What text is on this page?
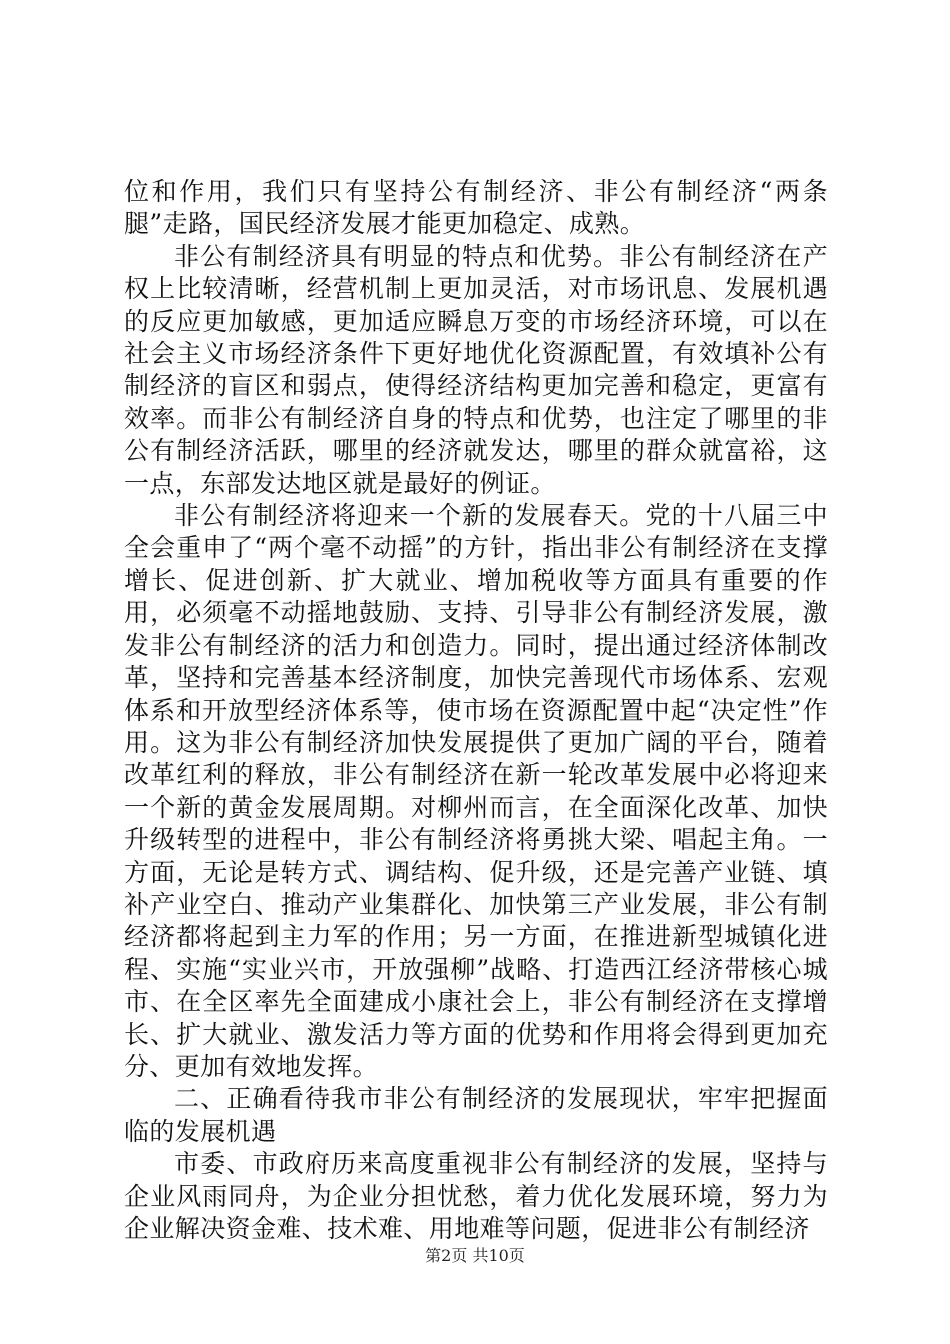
位和作用，我们只有坚持公有制经济、非公有制经济“两条腿”走路，国民经济发展才能更加稳定、成熟。

非公有制经济具有明显的特点和优势。非公有制经济在产权上比较清晰，经营机制上更加灵活，对市场讯息、发展机遇的反应更加敏感，更加适应瞬息万变的市场经济环境，可以在社会主义市场经济条件下更好地优化资源配置，有效填补公有制经济的盲区和弱点，使得经济结构更加完善和稳定，更富有效率。而非公有制经济自身的特点和优势，也注定了哪里的非公有制经济活跃，哪里的经济就发达，哪里的群众就富裕，这一点，东部发达地区就是最好的例证。

非公有制经济将迎来一个新的发展春天。党的十八届三中全会重申了“两个毫不动摇”的方针，指出非公有制经济在支撑增长、促进创新、扩大就业、增加税收等方面具有重要的作用，必须毫不动摇地鼓励、支持、引导非公有制经济发展，激发非公有制经济的活力和创造力。同时，提出通过经济体制改革，坚持和完善基本经济制度，加快完善现代市场体系、宏观体系和开放型经济体系等，使市场在资源配置中起“决定性”作用。这为非公有制经济加快发展提供了更加广阔的平台，随着改革红利的释放，非公有制经济在新一轮改革发展中必将迎来一个新的黄金发展周期。对柳州而言，在全面深化改革、加快升级转型的进程中，非公有制经济将勇挑大梁、唱起主角。一方面，无论是转方式、调结构、促升级，还是完善产业链、填补产业空白、推动产业集群化、加快第三产业发展，非公有制经济都将起到主力军的作用；另一方面，在推进新型城镇化进程、实施“实业兴市，开放强柳”战略、打造西江经济带核心城市、在全区率先全面建成小康社会上，非公有制经济在支撑增长、扩大就业、激发活力等方面的优势和作用将会得到更加充分、更加有效地发挥。

二、正确看待我市非公有制经济的发展现状，牢牢把握面临的发展机遇

市委、市政府历来高度重视非公有制经济的发展，坚持与企业风雨同舟，为企业分担忧愁，着力优化发展环境，努力为企业解决资金难、技术难、用地难等问题，促进非公有制经济

第2页 共10页
